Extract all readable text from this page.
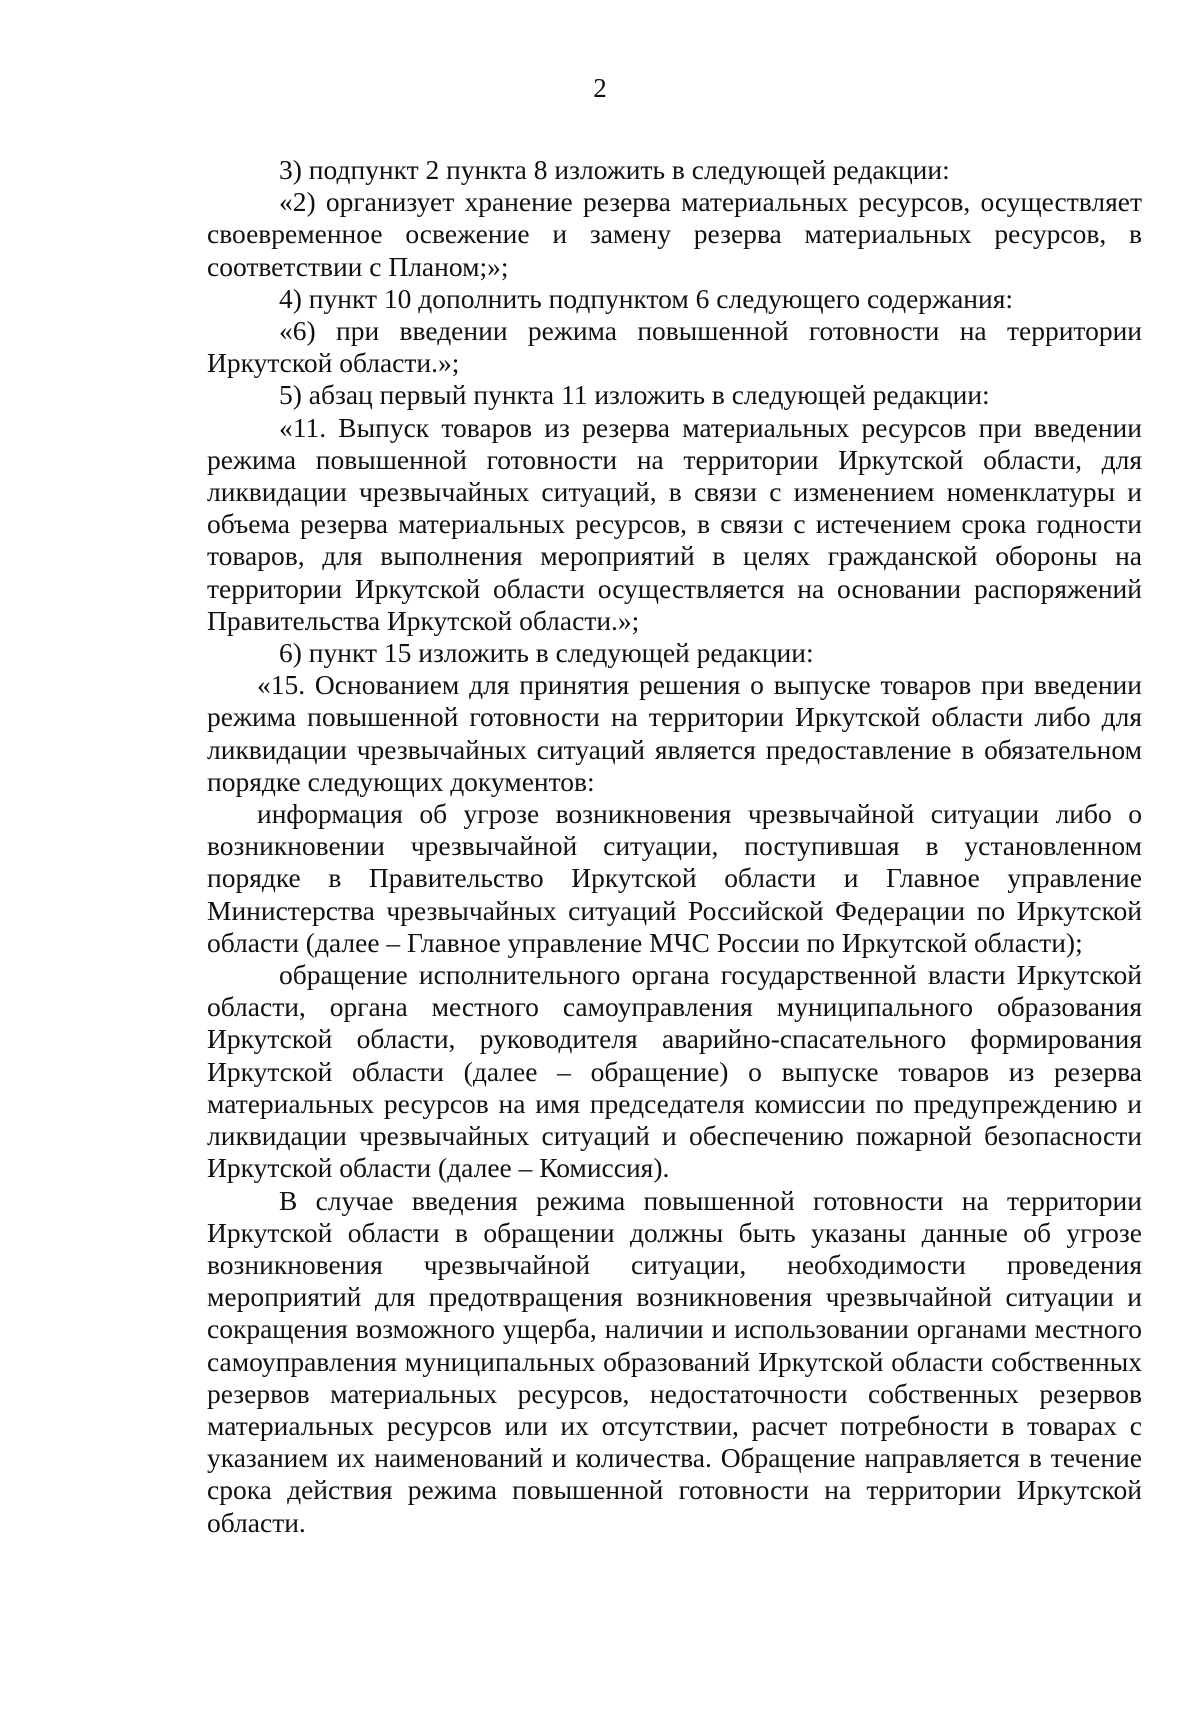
2

3) подпункт 2 пункта 8 изложить в следующей редакции:

«2) организует хранение резерва материальных ресурсов, осуществляет своевременное освежение и замену резерва материальных ресурсов, в соответствии с Планом;»;

4) пункт 10 дополнить подпунктом 6 следующего содержания:

«6) при введении режима повышенной готовности на территории Иркутской области.»;

5) абзац первый пункта 11 изложить в следующей редакции:

«11. Выпуск товаров из резерва материальных ресурсов при введении режима повышенной готовности на территории Иркутской области, для ликвидации чрезвычайных ситуаций, в связи с изменением номенклатуры и объема резерва материальных ресурсов, в связи с истечением срока годности товаров, для выполнения мероприятий в целях гражданской обороны на территории Иркутской области осуществляется на основании распоряжений Правительства Иркутской области.»;

6) пункт 15 изложить в следующей редакции:

«15. Основанием для принятия решения о выпуске товаров при введении режима повышенной готовности на территории Иркутской области либо для ликвидации чрезвычайных ситуаций является предоставление в обязательном порядке следующих документов:

информация об угрозе возникновения чрезвычайной ситуации либо о возникновении чрезвычайной ситуации, поступившая в установленном порядке в Правительство Иркутской области и Главное управление Министерства чрезвычайных ситуаций Российской Федерации по Иркутской области (далее – Главное управление МЧС России по Иркутской области);

обращение исполнительного органа государственной власти Иркутской области, органа местного самоуправления муниципального образования Иркутской области, руководителя аварийно-спасательного формирования Иркутской области (далее – обращение) о выпуске товаров из резерва материальных ресурсов на имя председателя комиссии по предупреждению и ликвидации чрезвычайных ситуаций и обеспечению пожарной безопасности Иркутской области (далее – Комиссия).

В случае введения режима повышенной готовности на территории Иркутской области в обращении должны быть указаны данные об угрозе возникновения чрезвычайной ситуации, необходимости проведения мероприятий для предотвращения возникновения чрезвычайной ситуации и сокращения возможного ущерба, наличии и использовании органами местного самоуправления муниципальных образований Иркутской области собственных резервов материальных ресурсов, недостаточности собственных резервов материальных ресурсов или их отсутствии, расчет потребности в товарах с указанием их наименований и количества. Обращение направляется в течение срока действия режима повышенной готовности на территории Иркутской области.
